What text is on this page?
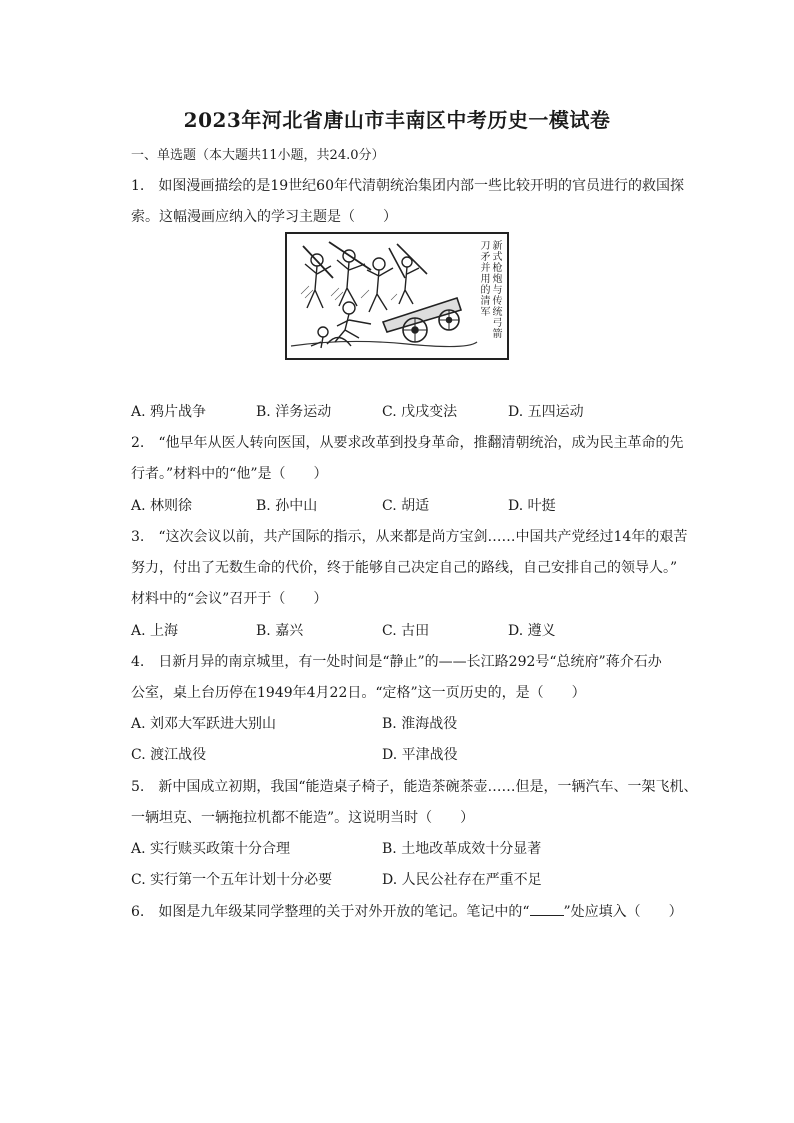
2023年河北省唐山市丰南区中考历史一模试卷
一、单选题（本大题共11小题，共24.0分）
1.　如图漫画描绘的是19世纪60年代清朝统治集团内部一些比较开明的官员进行的救国探
索。这幅漫画应纳入的学习主题是（　　）
新式枪炮与传统弓箭
刀矛并用的清军
A. 鸦片战争	B. 洋务运动	C. 戊戌变法	D. 五四运动
2.　“他早年从医人转向医国，从要求改革到投身革命，推翻清朝统治，成为民主革命的先
行者。”材料中的“他”是（　　）
A. 林则徐	B. 孙中山	C. 胡适	D. 叶挺
3.　“这次会议以前，共产国际的指示，从来都是尚方宝剑……中国共产党经过14年的艰苦
努力，付出了无数生命的代价，终于能够自己决定自己的路线，自己安排自己的领导人。”
材料中的“会议”召开于（　　）
A. 上海	B. 嘉兴	C. 古田	D. 遵义
4.　日新月异的南京城里，有一处时间是“静止”的——长江路292号“总统府”蒋介石办
公室，桌上台历停在1949年4月22日。“定格”这一页历史的，是（　　）
A. 刘邓大军跃进大别山	B. 淮海战役
C. 渡江战役	D. 平津战役
5.　新中国成立初期，我国“能造桌子椅子，能造茶碗茶壶……但是，一辆汽车、一架飞机、
一辆坦克、一辆拖拉机都不能造”。这说明当时（　　）
A. 实行赎买政策十分合理	B. 土地改革成效十分显著
C. 实行第一个五年计划十分必要	D. 人民公社存在严重不足
6.　如图是九年级某同学整理的关于对外开放的笔记。笔记中的“ ”处应填入（　　）
